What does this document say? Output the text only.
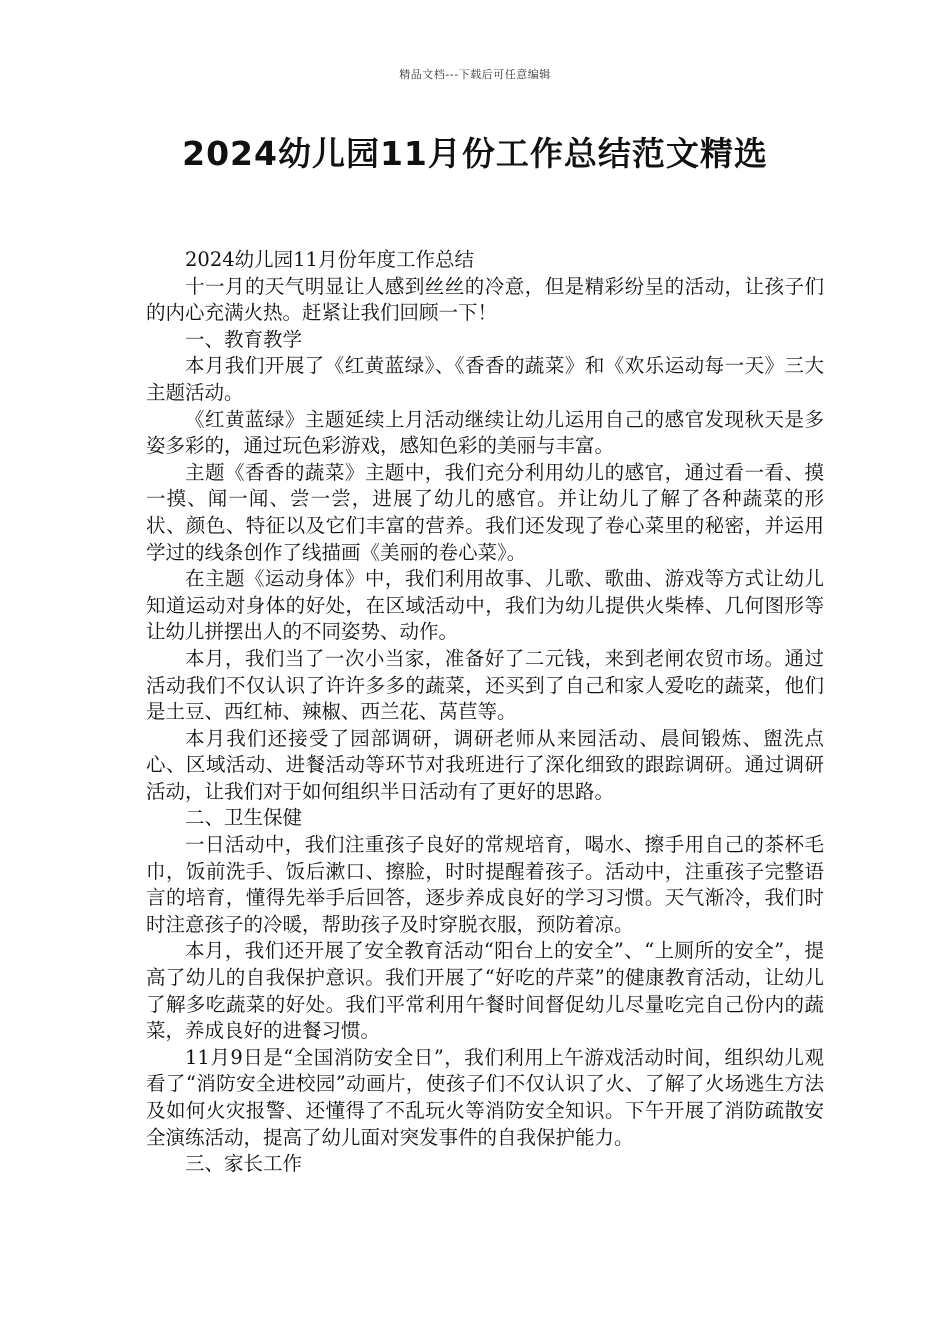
精品文档---下载后可任意编辑
2024幼儿园11月份工作总结范文精选

2024幼儿园11月份年度工作总结

十一月的天气明显让人感到丝丝的冷意，但是精彩纷呈的活动，让孩子们的内心充满火热。赶紧让我们回顾一下！

一、教育教学

本月我们开展了《红黄蓝绿》、《香香的蔬菜》和《欢乐运动每一天》三大主题活动。

《红黄蓝绿》主题延续上月活动继续让幼儿运用自己的感官发现秋天是多姿多彩的，通过玩色彩游戏，感知色彩的美丽与丰富。

主题《香香的蔬菜》主题中，我们充分利用幼儿的感官，通过看一看、摸一摸、闻一闻、尝一尝，进展了幼儿的感官。并让幼儿了解了各种蔬菜的形状、颜色、特征以及它们丰富的营养。我们还发现了卷心菜里的秘密，并运用学过的线条创作了线描画《美丽的卷心菜》。

在主题《运动身体》中，我们利用故事、儿歌、歌曲、游戏等方式让幼儿知道运动对身体的好处，在区域活动中，我们为幼儿提供火柴棒、几何图形等让幼儿拼摆出人的不同姿势、动作。

本月，我们当了一次小当家，准备好了二元钱，来到老闸农贸市场。通过活动我们不仅认识了许许多多的蔬菜，还买到了自己和家人爱吃的蔬菜，他们是土豆、西红柿、辣椒、西兰花、莴苣等。

本月我们还接受了园部调研，调研老师从来园活动、晨间锻炼、盥洗点心、区域活动、进餐活动等环节对我班进行了深化细致的跟踪调研。通过调研活动，让我们对于如何组织半日活动有了更好的思路。

二、卫生保健

一日活动中，我们注重孩子良好的常规培育，喝水、擦手用自己的茶杯毛巾，饭前洗手、饭后漱口、擦脸，时时提醒着孩子。活动中，注重孩子完整语言的培育，懂得先举手后回答，逐步养成良好的学习习惯。天气渐冷，我们时时注意孩子的冷暖，帮助孩子及时穿脱衣服，预防着凉。

本月，我们还开展了安全教育活动“阳台上的安全”、“上厕所的安全”，提高了幼儿的自我保护意识。我们开展了“好吃的芹菜”的健康教育活动，让幼儿了解多吃蔬菜的好处。我们平常利用午餐时间督促幼儿尽量吃完自己份内的蔬菜，养成良好的进餐习惯。

11月9日是“全国消防安全日”，我们利用上午游戏活动时间，组织幼儿观看了“消防安全进校园”动画片，使孩子们不仅认识了火、了解了火场逃生方法及如何火灾报警、还懂得了不乱玩火等消防安全知识。下午开展了消防疏散安全演练活动，提高了幼儿面对突发事件的自我保护能力。

三、家长工作
